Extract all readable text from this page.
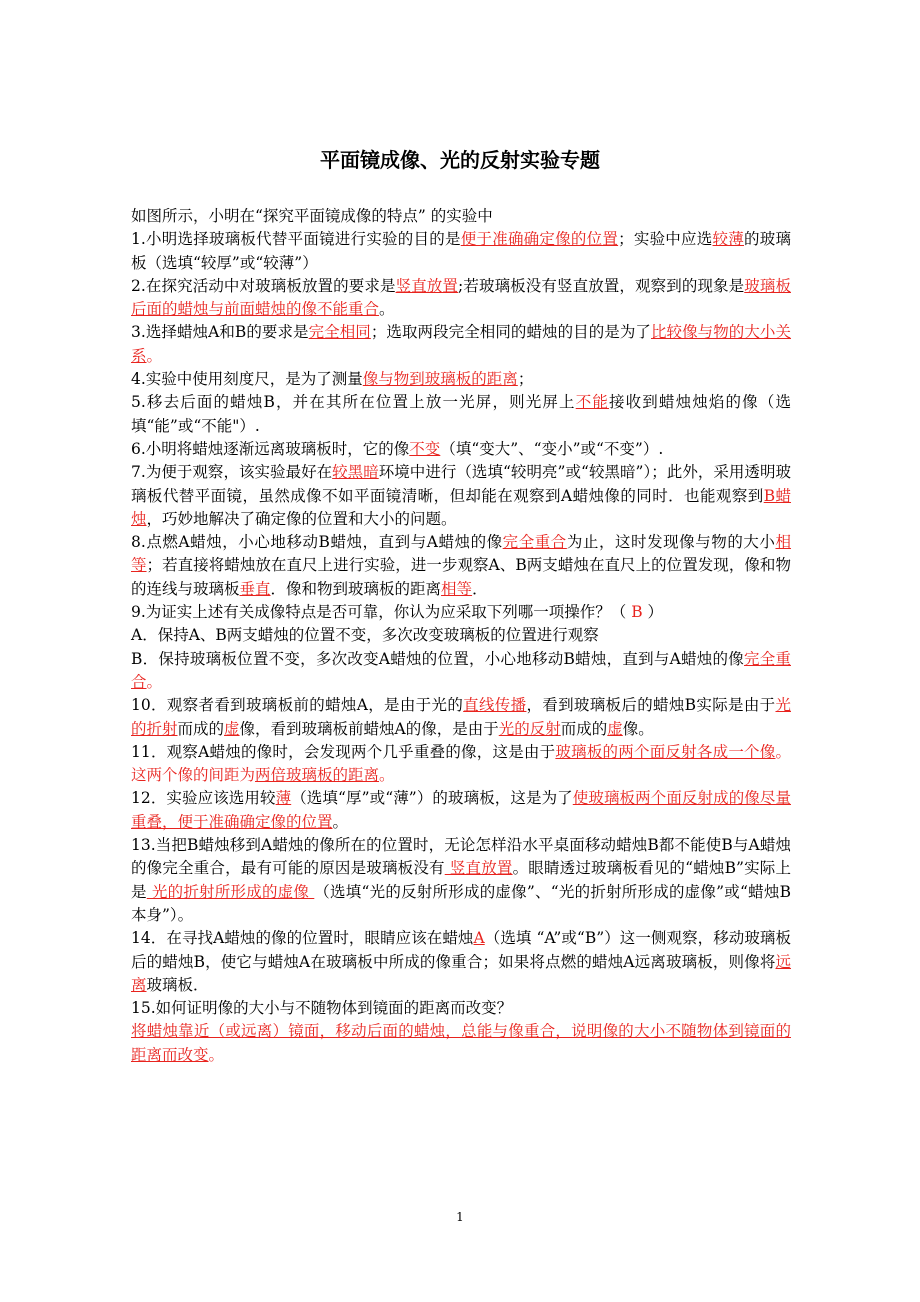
平面镜成像、光的反射实验专题

如图所示，小明在“探究平面镜成像的特点” 的实验中

1.小明选择玻璃板代替平面镜进行实验的目的是便于准确确定像的位置；实验中应选较薄的玻璃板（选填“较厚”或“较薄”）

2.在探究活动中对玻璃板放置的要求是竖直放置;若玻璃板没有竖直放置，观察到的现象是玻璃板后面的蜡烛与前面蜡烛的像不能重合。

3.选择蜡烛A和B的要求是完全相同；选取两段完全相同的蜡烛的目的是为了比较像与物的大小关系。

4.实验中使用刻度尺，是为了测量像与物到玻璃板的距离；

5.移去后面的蜡烛B，并在其所在位置上放一光屏，则光屏上不能接收到蜡烛烛焰的像（选填“能”或“不能"）.

6.小明将蜡烛逐渐远离玻璃板时，它的像不变（填“变大”、“变小”或“不变”）.

7.为便于观察，该实验最好在较黑暗环境中进行（选填“较明亮”或“较黑暗”）；此外，采用透明玻璃板代替平面镜，虽然成像不如平面镜清晰，但却能在观察到A蜡烛像的同时．也能观察到B蜡烛，巧妙地解决了确定像的位置和大小的问题。

8.点燃A蜡烛，小心地移动B蜡烛，直到与A蜡烛的像完全重合为止，这时发现像与物的大小相等；若直接将蜡烛放在直尺上进行实验，进一步观察A、B两支蜡烛在直尺上的位置发现，像和物的连线与玻璃板垂直．像和物到玻璃板的距离相等．

9.为证实上述有关成像特点是否可靠，你认为应采取下列哪一项操作？（ B ）

A．保持A、B两支蜡烛的位置不变，多次改变玻璃板的位置进行观察

B．保持玻璃板位置不变，多次改变A蜡烛的位置，小心地移动B蜡烛，直到与A蜡烛的像完全重合。

10．观察者看到玻璃板前的蜡烛A，是由于光的直线传播，看到玻璃板后的蜡烛B实际是由于光的折射而成的虚像，看到玻璃板前蜡烛A的像，是由于光的反射而成的虚像。

11．观察A蜡烛的像时，会发现两个几乎重叠的像，这是由于玻璃板的两个面反射各成一个像。这两个像的间距为两倍玻璃板的距离。

12．实验应该选用较薄（选填“厚”或“薄”）的玻璃板，这是为了使玻璃板两个面反射成的像尽量重叠，便于准确确定像的位置。

13.当把B蜡烛移到A蜡烛的像所在的位置时，无论怎样沿水平桌面移动蜡烛B都不能使B与A蜡烛的像完全重合，最有可能的原因是玻璃板没有 竖直放置。眼睛透过玻璃板看见的“蜡烛B”实际上是 光的折射所形成的虚像 （选填“光的反射所形成的虚像”、“光的折射所形成的虚像”或“蜡烛B本身”）。

14．在寻找A蜡烛的像的位置时，眼睛应该在蜡烛A（选填 “A”或“B”）这一侧观察，移动玻璃板后的蜡烛B，使它与蜡烛A在玻璃板中所成的像重合；如果将点燃的蜡烛A远离玻璃板，则像将远离玻璃板．

15.如何证明像的大小与不随物体到镜面的距离而改变？
将蜡烛靠近（或远离）镜面，移动后面的蜡烛，总能与像重合，说明像的大小不随物体到镜面的距离而改变。

1
